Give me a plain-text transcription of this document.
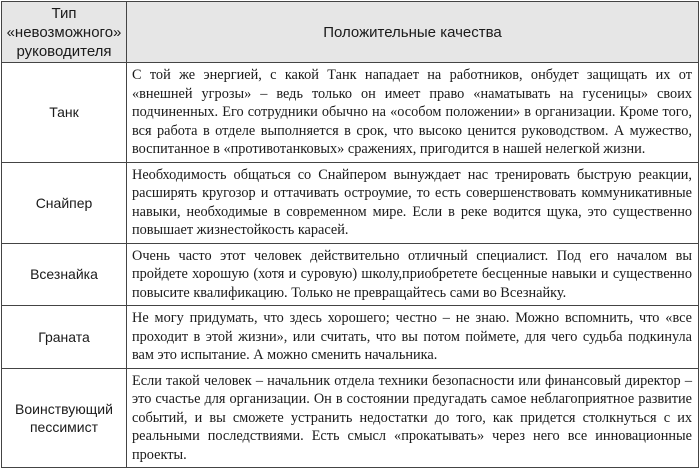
Тип
«невозможного»
руководителя	Положительные качества
Танк	С той же энергией, с какой Танк нападает на работников, онбудет защищать их от «внешней угрозы» – ведь только он имеет право «наматывать на гусеницы» своих подчиненных. Его сотрудники обычно на «особом положении» в организации. Кроме того, вся работа в отделе выполняется в срок, что высоко ценится руководством. А мужество, воспитанное в «противотанковых» сражениях, пригодится в нашей нелегкой жизни.
Снайпер	Необходимость общаться со Снайпером вынуждает нас тренировать быструю реакции, расширять кругозор и оттачивать остроумие, то есть совершенствовать коммуникативные навыки, необходимые в современном мире. Если в реке водится щука, это существенно повышает жизнестойкость карасей.
Всезнайка	Очень часто этот человек действительно отличный специалист. Под его началом вы пройдете хорошую (хотя и суровую) школу,приобретете бесценные навыки и существенно повысите квалификацию. Только не превращайтесь сами во Всезнайку.
Граната	Не могу придумать, что здесь хорошего; честно – не знаю. Можно вспомнить, что «все проходит в этой жизни», или считать, что вы потом поймете, для чего судьба подкинула вам это испытание. А можно сменить начальника.

Воинствующий
пессимист	Если такой человек – начальник отдела техники безопасности или финансовый директор – это счастье для организации. Он в состоянии предугадать самое неблагоприятное развитие событий, и вы сможете устранить недостатки до того, как придется столкнуться с их реальными последствиями. Есть смысл «прокатывать» через него все инновационные проекты.
